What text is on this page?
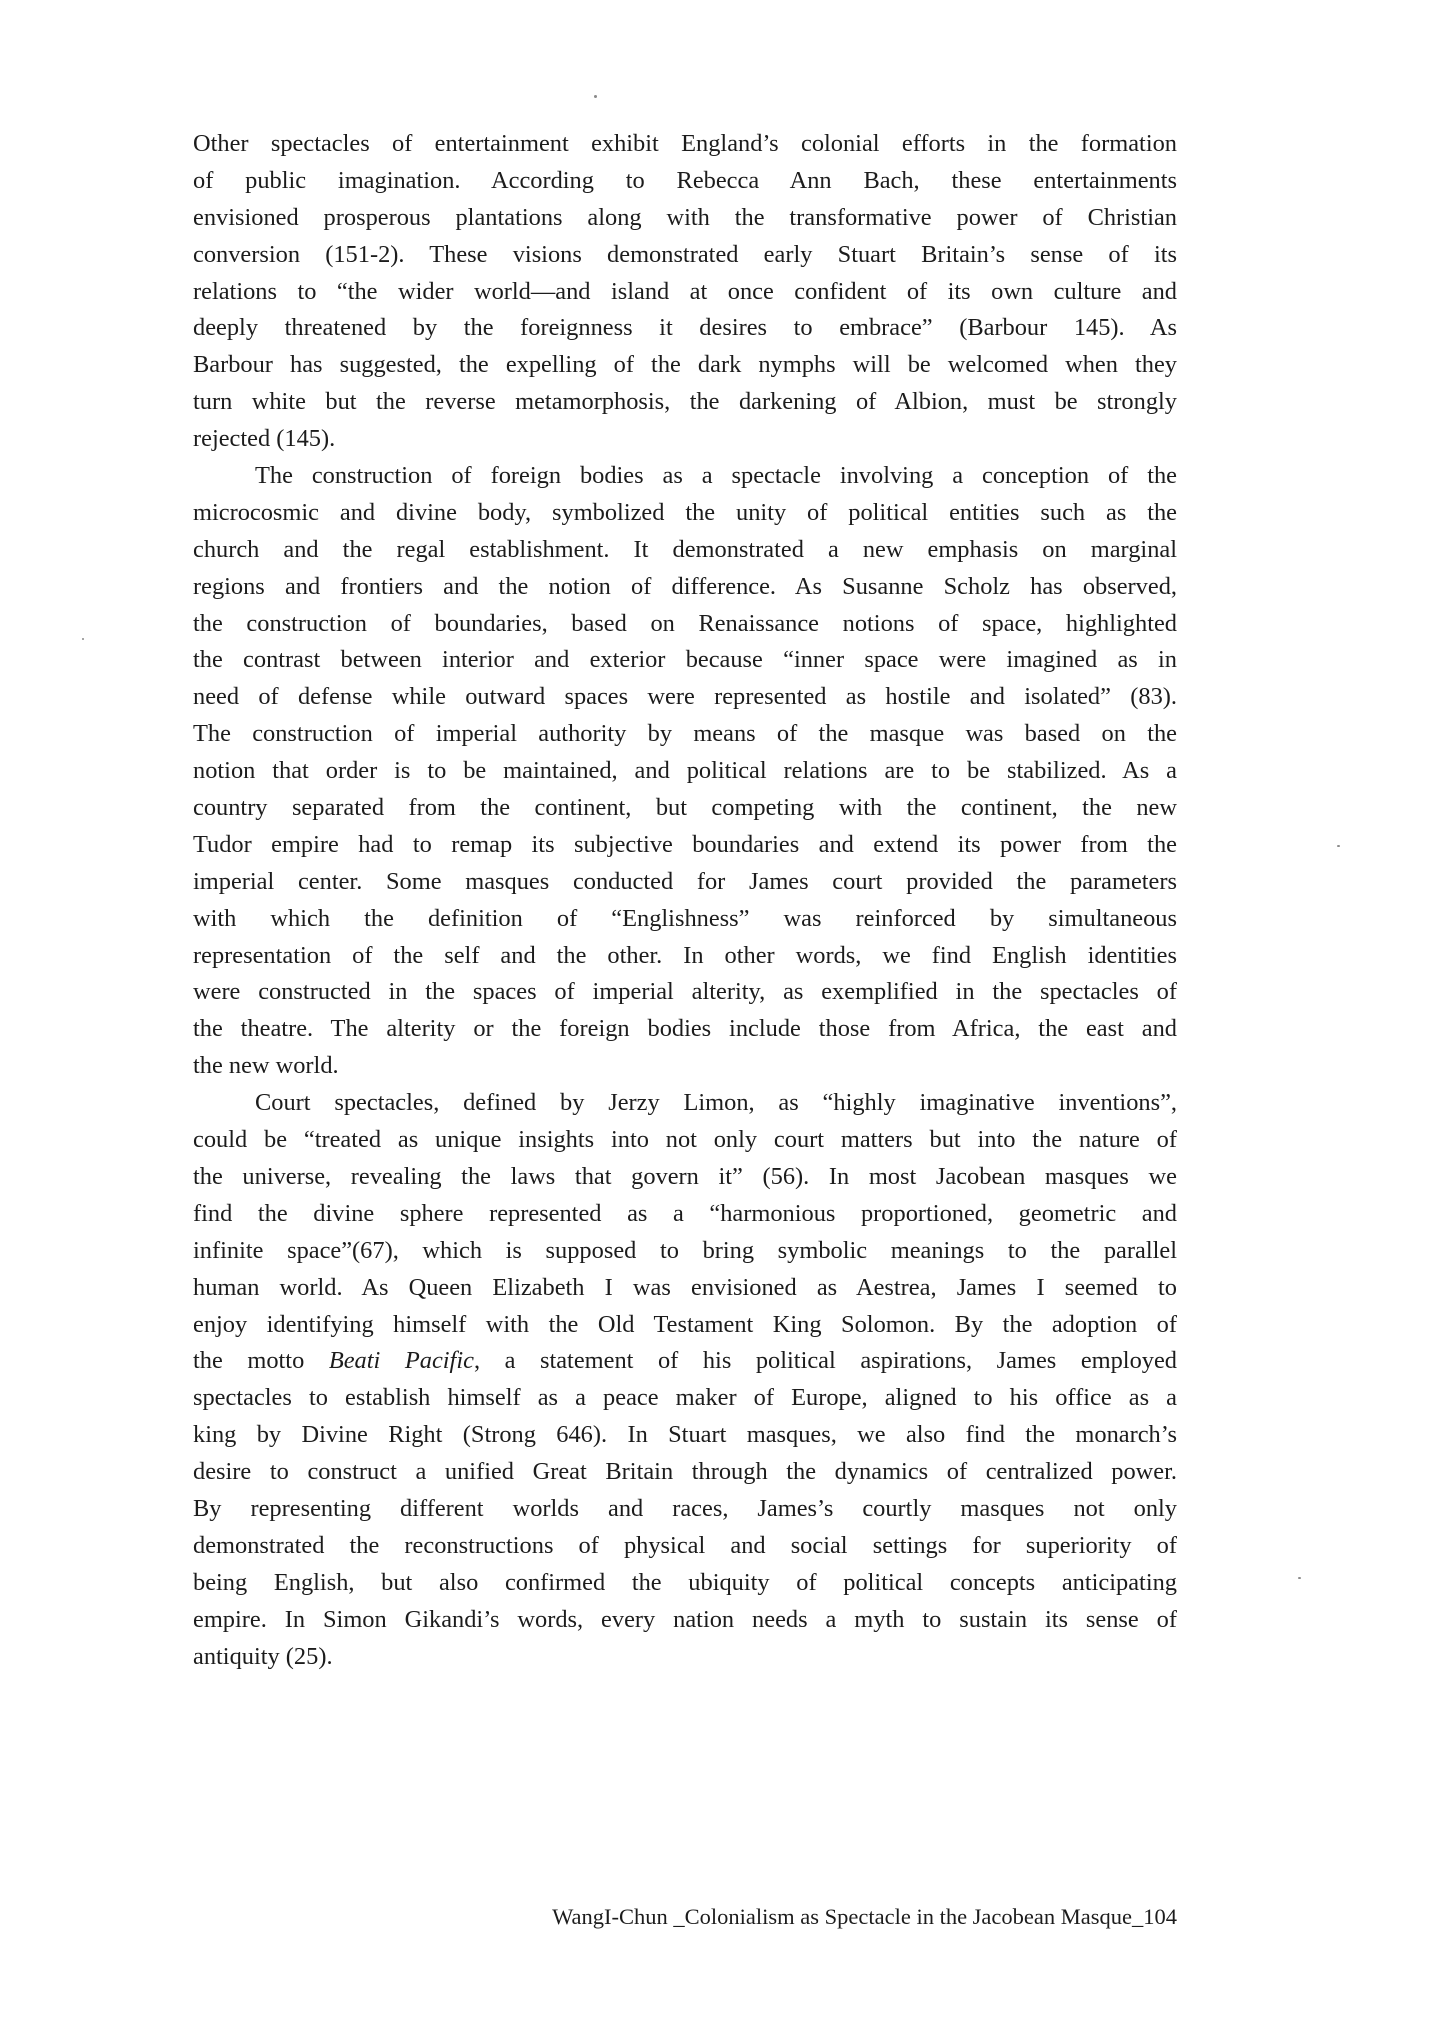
Other spectacles of entertainment exhibit England’s colonial efforts in the formation
of public imagination. According to Rebecca Ann Bach, these entertainments
envisioned prosperous plantations along with the transformative power of Christian
conversion (151-2). These visions demonstrated early Stuart Britain’s sense of its
relations to “the wider world—and island at once confident of its own culture and
deeply threatened by the foreignness it desires to embrace” (Barbour 145). As
Barbour has suggested, the expelling of the dark nymphs will be welcomed when they
turn white but the reverse metamorphosis, the darkening of Albion, must be strongly
rejected (145).
The construction of foreign bodies as a spectacle involving a conception of the
microcosmic and divine body, symbolized the unity of political entities such as the
church and the regal establishment. It demonstrated a new emphasis on marginal
regions and frontiers and the notion of difference. As Susanne Scholz has observed,
the construction of boundaries, based on Renaissance notions of space, highlighted
the contrast between interior and exterior because “inner space were imagined as in
need of defense while outward spaces were represented as hostile and isolated” (83).
The construction of imperial authority by means of the masque was based on the
notion that order is to be maintained, and political relations are to be stabilized. As a
country separated from the continent, but competing with the continent, the new
Tudor empire had to remap its subjective boundaries and extend its power from the
imperial center. Some masques conducted for James court provided the parameters
with which the definition of “Englishness” was reinforced by simultaneous
representation of the self and the other. In other words, we find English identities
were constructed in the spaces of imperial alterity, as exemplified in the spectacles of
the theatre. The alterity or the foreign bodies include those from Africa, the east and
the new world.
Court spectacles, defined by Jerzy Limon, as “highly imaginative inventions”,
could be “treated as unique insights into not only court matters but into the nature of
the universe, revealing the laws that govern it” (56). In most Jacobean masques we
find the divine sphere represented as a “harmonious proportioned, geometric and
infinite space”(67), which is supposed to bring symbolic meanings to the parallel
human world. As Queen Elizabeth I was envisioned as Aestrea, James I seemed to
enjoy identifying himself with the Old Testament King Solomon. By the adoption of
the motto Beati Pacific, a statement of his political aspirations, James employed
spectacles to establish himself as a peace maker of Europe, aligned to his office as a
king by Divine Right (Strong 646). In Stuart masques, we also find the monarch’s
desire to construct a unified Great Britain through the dynamics of centralized power.
By representing different worlds and races, James’s courtly masques not only
demonstrated the reconstructions of physical and social settings for superiority of
being English, but also confirmed the ubiquity of political concepts anticipating
empire. In Simon Gikandi’s words, every nation needs a myth to sustain its sense of
antiquity (25).
WangI-Chun _Colonialism as Spectacle in the Jacobean Masque_104
